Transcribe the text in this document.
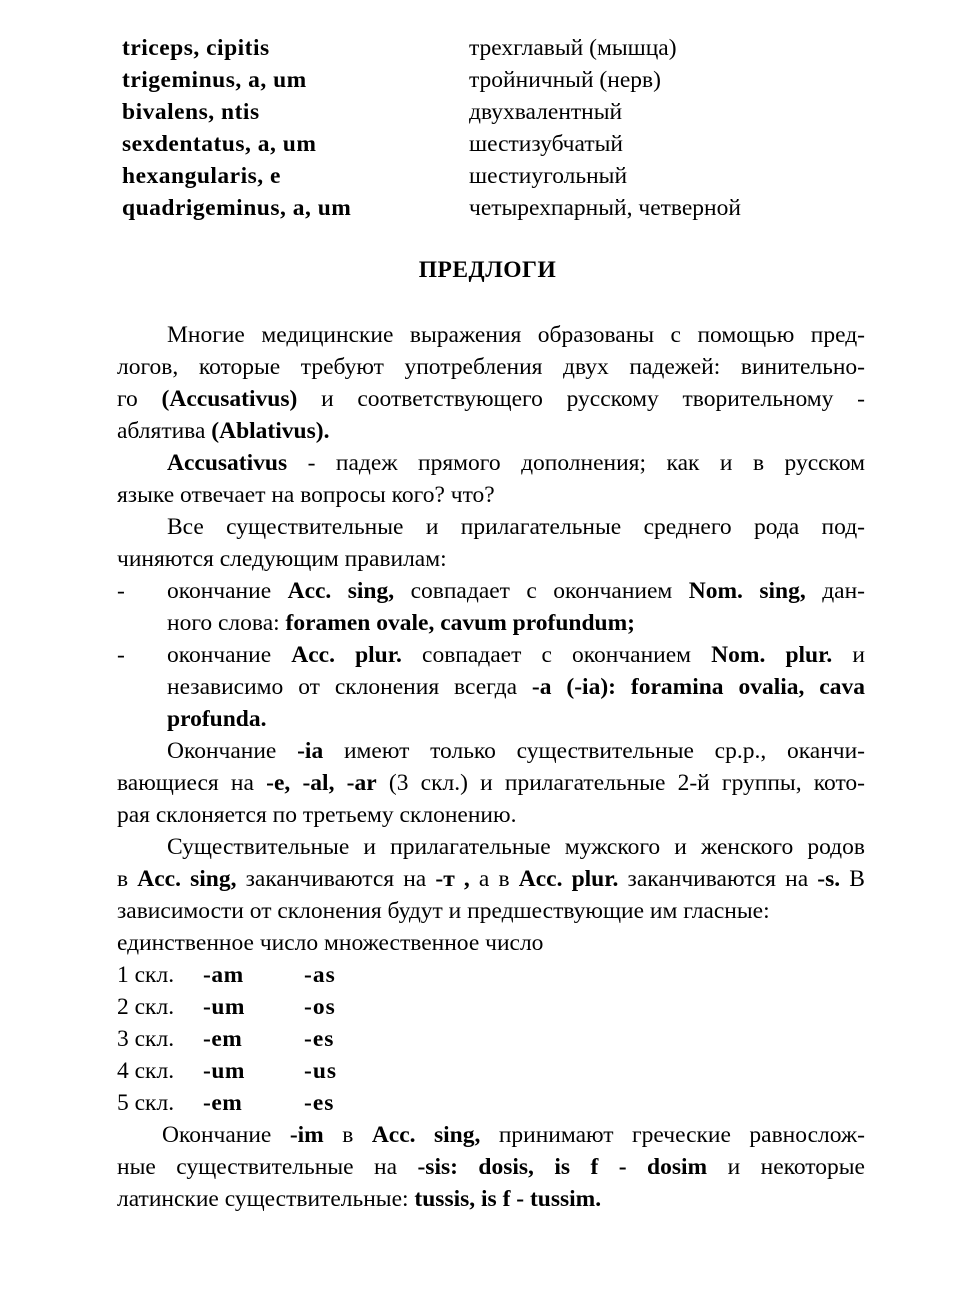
triceps, cipitis	трехглавый (мышца)
trigeminus, a, um	тройничный (нерв)
bivalens, ntis	двухвалентный
sexdentatus, a, um	шестизубчатый
hexangularis, e	шестиугольный
quadrigeminus, a, um	четырехпарный, четверной
ПРЕДЛОГИ
Многие медицинские выражения образованы с помощью пред-
логов, которые требуют употребления двух падежей: винительно-
го (Accusativus) и соответствующего русскому творительному -
аблятива (Ablativus).
Accusativus - падеж прямого дополнения; как и в русском
языке отвечает на вопросы кого? что?
Все существительные и прилагательные среднего рода под-
чиняются следующим правилам:
- окончание Acc. sing, совпадает с окончанием Nom. sing, дан-
ного слова: foramen ovale, cavum profundum;
- окончание Acc. plur. совпадает с окончанием Nom. plur. и
независимо от склонения всегда -а (-ia): foramina ovalia, cava
profunda.
Окончание -ia имеют только существительные ср.р., оканчи-
вающиеся на -e, -al, -ar (3 скл.) и прилагательные 2-й группы, кото-
рая склоняется по третьему склонению.
Существительные и прилагательные мужского и женского родов
в Acc. sing, заканчиваются на -т , а в Acc. plur. заканчиваются на -s. В
зависимости от склонения будут и предшествующие им гласные:
единственное число множественное число
1 скл.	-am	-as
2 скл.	-um	-os
3 скл.	-em	-es
4 скл.	-um	-us
5 скл.	-em	-es
Окончание -im в Acc. sing, принимают греческие равнослож-
ные существительные на -sis: dosis, is f - dosim и некоторые
латинские существительные: tussis, is f - tussim.
